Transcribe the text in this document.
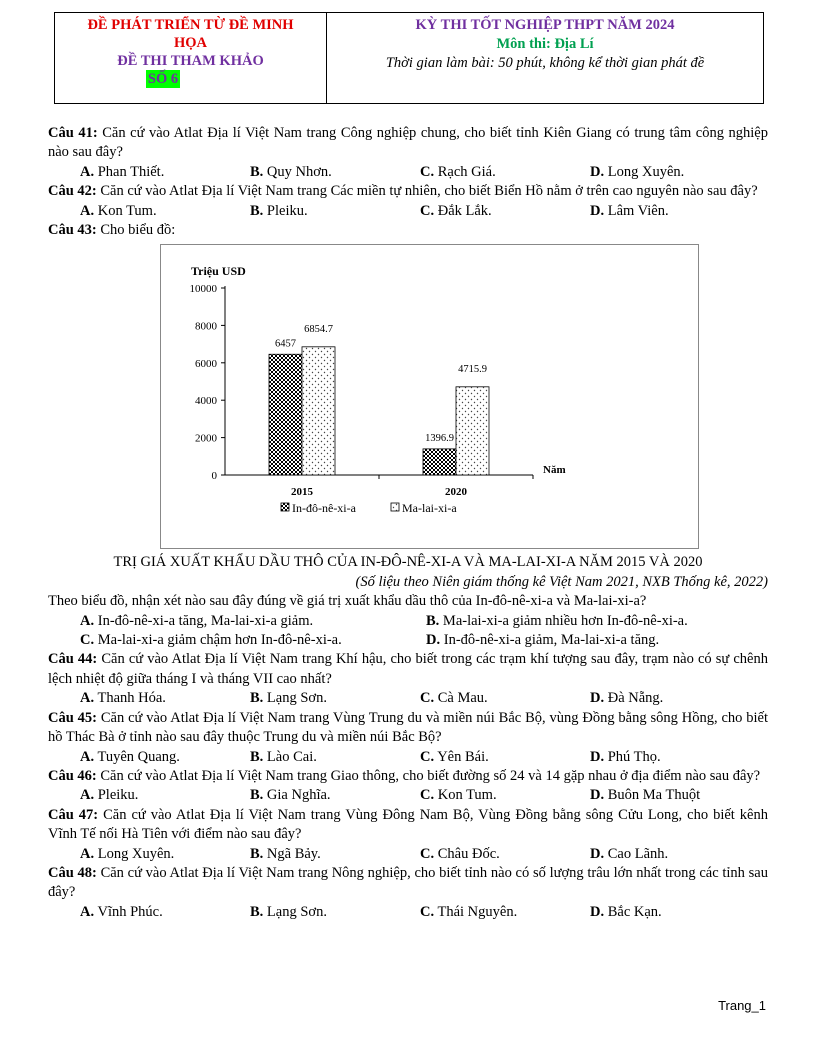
ĐỀ PHÁT TRIỂN TỪ ĐỀ MINH
HỌA
ĐỀ THI THAM KHẢO
SỐ 6
KỲ THI TỐT NGHIỆP THPT NĂM 2024
Môn thi: Địa Lí
Thời gian làm bài: 50 phút, không kể thời gian phát đề

Câu 41: Căn cứ vào Atlat Địa lí Việt Nam trang Công nghiệp chung, cho biết tỉnh Kiên Giang có trung tâm công nghiệp nào sau đây?

A. Phan Thiết.	B. Quy Nhơn.	C. Rạch Giá.	D. Long Xuyên.

Câu 42: Căn cứ vào Atlat Địa lí Việt Nam trang Các miền tự nhiên, cho biết Biển Hồ nằm ở trên cao nguyên nào sau đây?

A. Kon Tum.	B. Pleiku.	C. Đắk Lắk.	D. Lâm Viên.

Câu 43: Cho biểu đồ:

0
2000
4000
6000
8000
10000
Triệu USD
Năm
2015
6457
6854.7
2020
1396.9
4715.9
In-đô-nê-xi-a	Ma-lai-xi-a
TRỊ GIÁ XUẤT KHẨU DẦU THÔ CỦA IN-ĐÔ-NÊ-XI-A VÀ MA-LAI-XI-A NĂM 2015 VÀ 2020
(Số liệu theo Niên giám thống kê Việt Nam 2021, NXB Thống kê, 2022)

Theo biểu đồ, nhận xét nào sau đây đúng về giá trị xuất khẩu dầu thô của In-đô-nê-xi-a và Ma-lai-xi-a?

A. In-đô-nê-xi-a tăng, Ma-lai-xi-a giảm.	B. Ma-lai-xi-a giảm nhiều hơn In-đô-nê-xi-a.
C. Ma-lai-xi-a giảm chậm hơn In-đô-nê-xi-a.	D. In-đô-nê-xi-a giảm, Ma-lai-xi-a tăng.

Câu 44: Căn cứ vào Atlat Địa lí Việt Nam trang Khí hậu, cho biết trong các trạm khí tượng sau đây, trạm nào có sự chênh lệch nhiệt độ giữa tháng I và tháng VII cao nhất?

A. Thanh Hóa.	B. Lạng Sơn.	C. Cà Mau.	D. Đà Nẵng.

Câu 45: Căn cứ vào Atlat Địa lí Việt Nam trang Vùng Trung du và miền núi Bắc Bộ, vùng Đồng bằng sông Hồng, cho biết hồ Thác Bà ở tỉnh nào sau đây thuộc Trung du và miền núi Bắc Bộ?

A. Tuyên Quang.	B. Lào Cai.	C. Yên Bái.	D. Phú Thọ.

Câu 46: Căn cứ vào Atlat Địa lí Việt Nam trang Giao thông, cho biết đường số 24 và 14 gặp nhau ở địa điểm nào sau đây?

A. Pleiku.	B. Gia Nghĩa.	C. Kon Tum.	D. Buôn Ma Thuột

Câu 47: Căn cứ vào Atlat Địa lí Việt Nam trang Vùng Đông Nam Bộ, Vùng Đồng bằng sông Cửu Long, cho biết kênh Vĩnh Tế nối Hà Tiên với điểm nào sau đây?

A. Long Xuyên.	B. Ngã Bảy.	C. Châu Đốc.	D. Cao Lãnh.

Câu 48: Căn cứ vào Atlat Địa lí Việt Nam trang Nông nghiệp, cho biết tỉnh nào có số lượng trâu lớn nhất trong các tỉnh sau đây?

A. Vĩnh Phúc.	B. Lạng Sơn.	C. Thái Nguyên.	D. Bắc Kạn.
Trang_1
